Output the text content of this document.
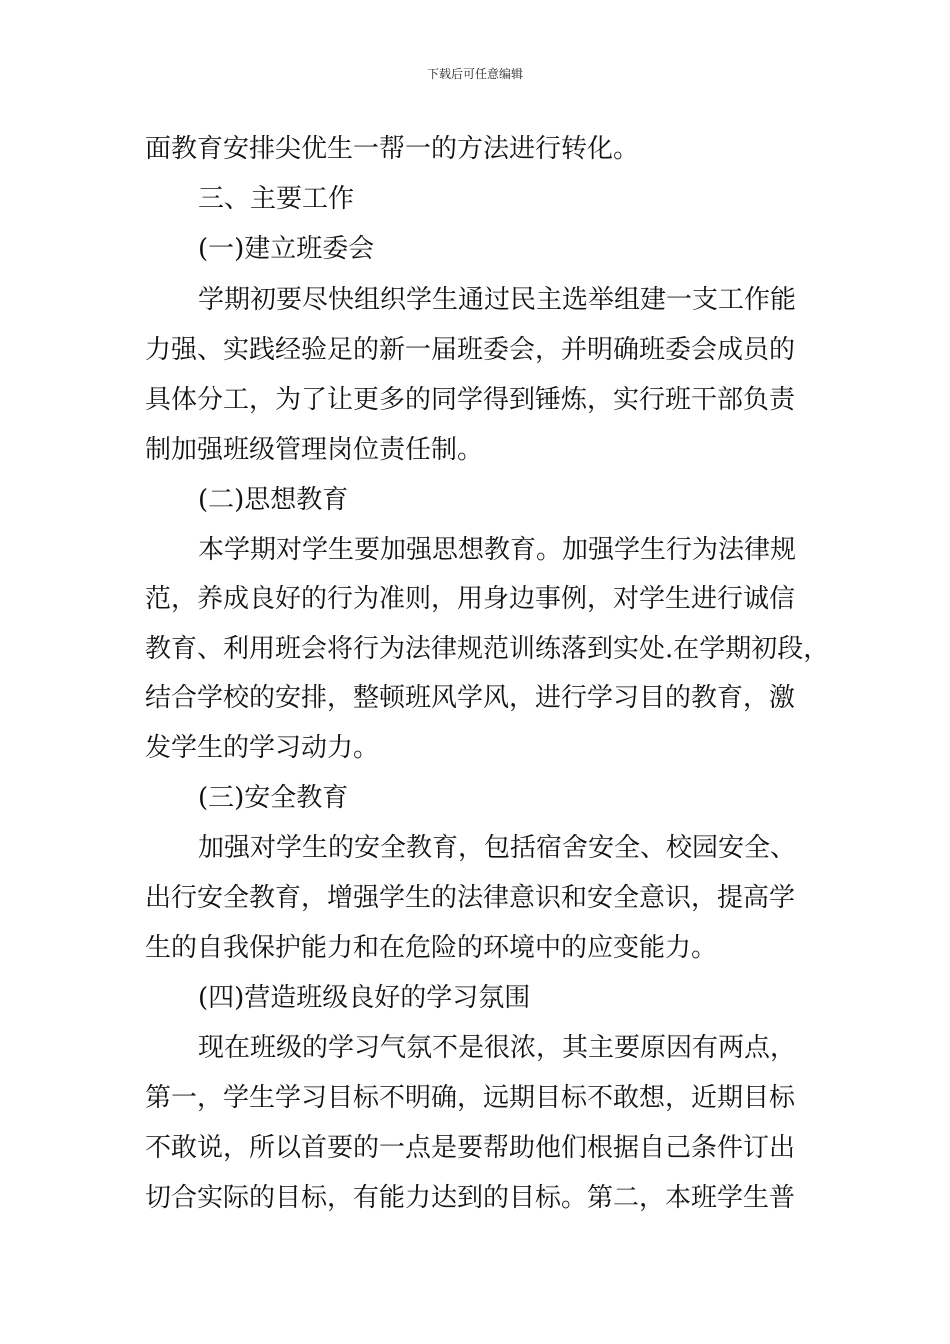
下载后可任意编辑
面教育安排尖优生一帮一的方法进行转化。
三、主要工作
(一)建立班委会
学期初要尽快组织学生通过民主选举组建一支工作能
力强、实践经验足的新一届班委会，并明确班委会成员的
具体分工，为了让更多的同学得到锤炼，实行班干部负责
制加强班级管理岗位责任制。
(二)思想教育
本学期对学生要加强思想教育。加强学生行为法律规
范，养成良好的行为准则，用身边事例，对学生进行诚信
教育、利用班会将行为法律规范训练落到实处.在学期初段，
结合学校的安排，整顿班风学风，进行学习目的教育，激
发学生的学习动力。
(三)安全教育
加强对学生的安全教育，包括宿舍安全、校园安全、
出行安全教育，增强学生的法律意识和安全意识，提高学
生的自我保护能力和在危险的环境中的应变能力。
(四)营造班级良好的学习氛围
现在班级的学习气氛不是很浓，其主要原因有两点，
第一，学生学习目标不明确，远期目标不敢想，近期目标
不敢说，所以首要的一点是要帮助他们根据自己条件订出
切合实际的目标，有能力达到的目标。第二，本班学生普
